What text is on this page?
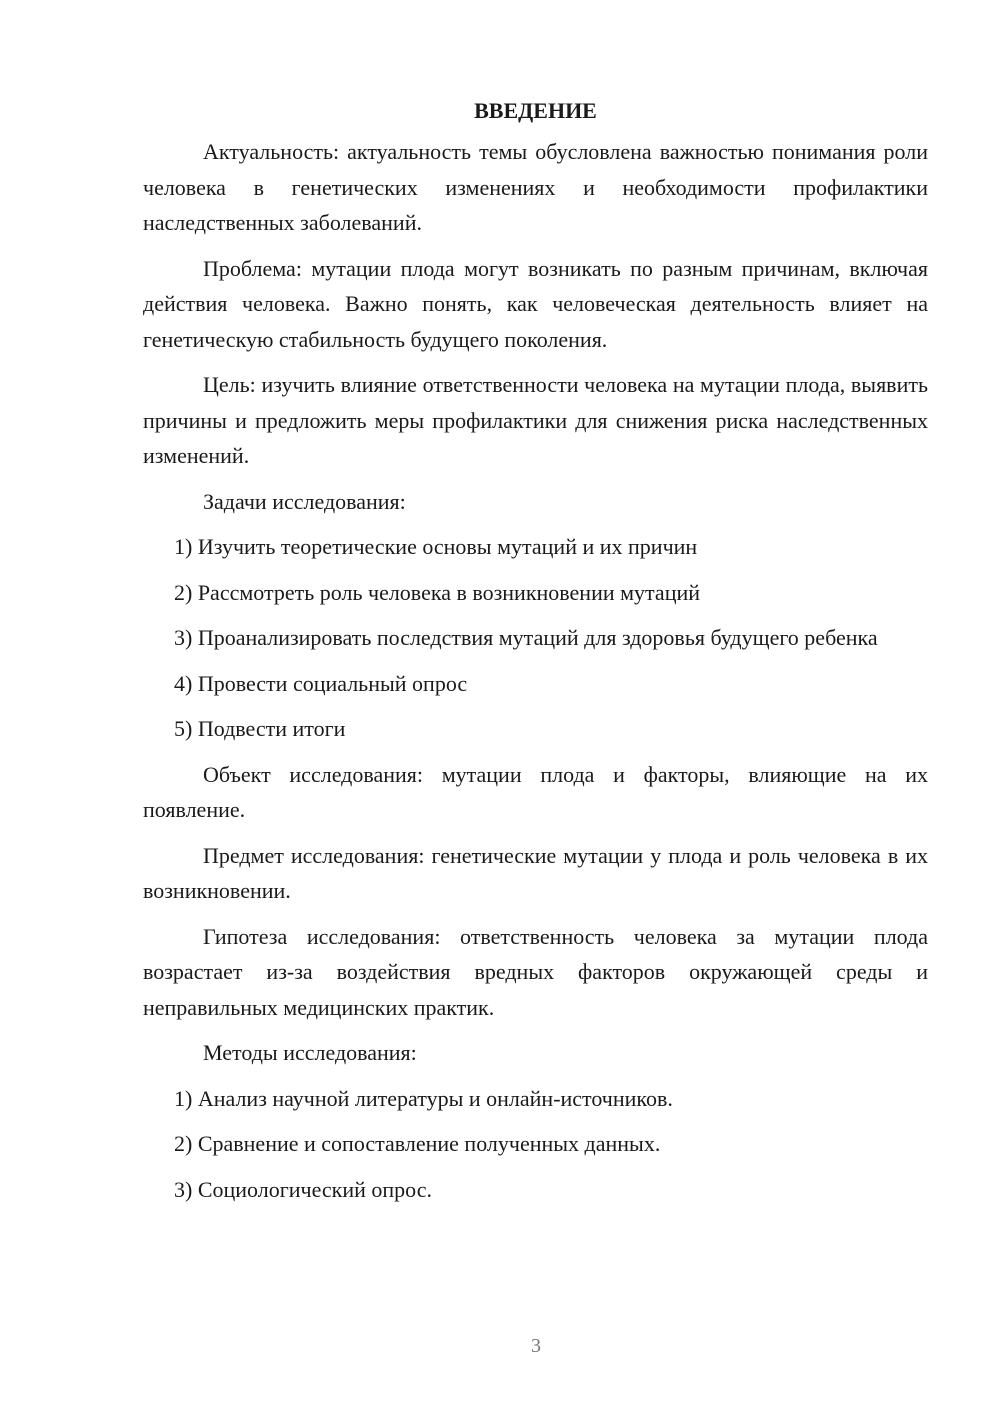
ВВЕДЕНИЕ

Актуальность: актуальность темы обусловлена важностью понимания роли человека в генетических изменениях и необходимости профилактики наследственных заболеваний.

Проблема: мутации плода могут возникать по разным причинам, включая действия человека. Важно понять, как человеческая деятельность влияет на генетическую стабильность будущего поколения.

Цель: изучить влияние ответственности человека на мутации плода, выявить причины и предложить меры профилактики для снижения риска наследственных изменений.

Задачи исследования:

1) Изучить теоретические основы мутаций и их причин

2) Рассмотреть роль человека в возникновении мутаций

3) Проанализировать последствия мутаций для здоровья будущего ребенка

4) Провести социальный опрос

5) Подвести итоги

Объект исследования: мутации плода и факторы, влияющие на их появление.

Предмет исследования: генетические мутации у плода и роль человека в их возникновении.

Гипотеза исследования: ответственность человека за мутации плода возрастает из-за воздействия вредных факторов окружающей среды и неправильных медицинских практик.

Методы исследования:

1) Анализ научной литературы и онлайн-источников.

2) Сравнение и сопоставление полученных данных.

3) Социологический опрос.

3
